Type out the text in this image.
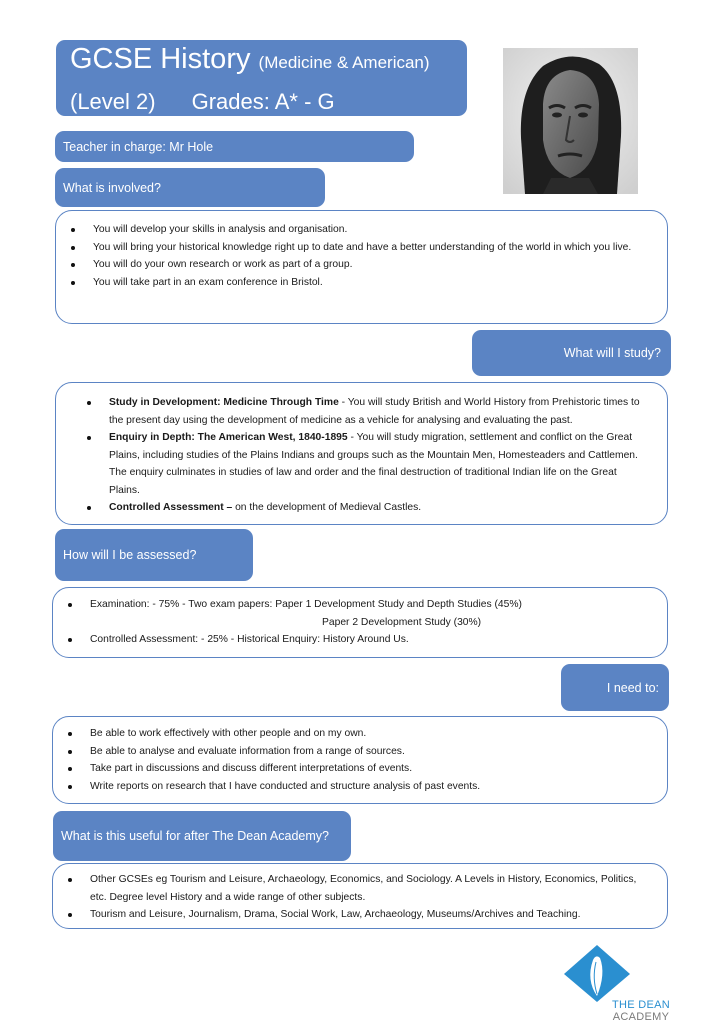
GCSE History (Medicine & American)
(Level 2) Grades: A* - G
Teacher in charge: Mr Hole
What is involved?
You will develop your skills in analysis and organisation.
You will bring your historical knowledge right up to date and have a better understanding of the world in which you live.
You will do your own research or work as part of a group.
You will take part in an exam conference in Bristol.
What will I study?
Study in Development: Medicine Through Time - You will study British and World History from Prehistoric times to the present day using the development of medicine as a vehicle for analysing and evaluating the past.
Enquiry in Depth: The American West, 1840-1895 - You will study migration, settlement and conflict on the Great Plains, including studies of the Plains Indians and groups such as the Mountain Men, Homesteaders and Cattlemen. The enquiry culminates in studies of law and order and the final destruction of traditional Indian life on the Great Plains.
Controlled Assessment – on the development of Medieval Castles.
How will I be assessed?
Examination: - 75% - Two exam papers: Paper 1 Development Study and Depth Studies (45%)
Paper 2 Development Study (30%)
Controlled Assessment: - 25% - Historical Enquiry: History Around Us.
I need to:
Be able to work effectively with other people and on my own.
Be able to analyse and evaluate information from a range of sources.
Take part in discussions and discuss different interpretations of events.
Write reports on research that I have conducted and structure analysis of past events.
What is this useful for after The Dean Academy?
Other GCSEs eg Tourism and Leisure, Archaeology, Economics, and Sociology. A Levels in History, Economics, Politics, etc. Degree level History and a wide range of other subjects.
Tourism and Leisure, Journalism, Drama, Social Work, Law, Archaeology, Museums/Archives and Teaching.
THE DEAN
ACADEMY
